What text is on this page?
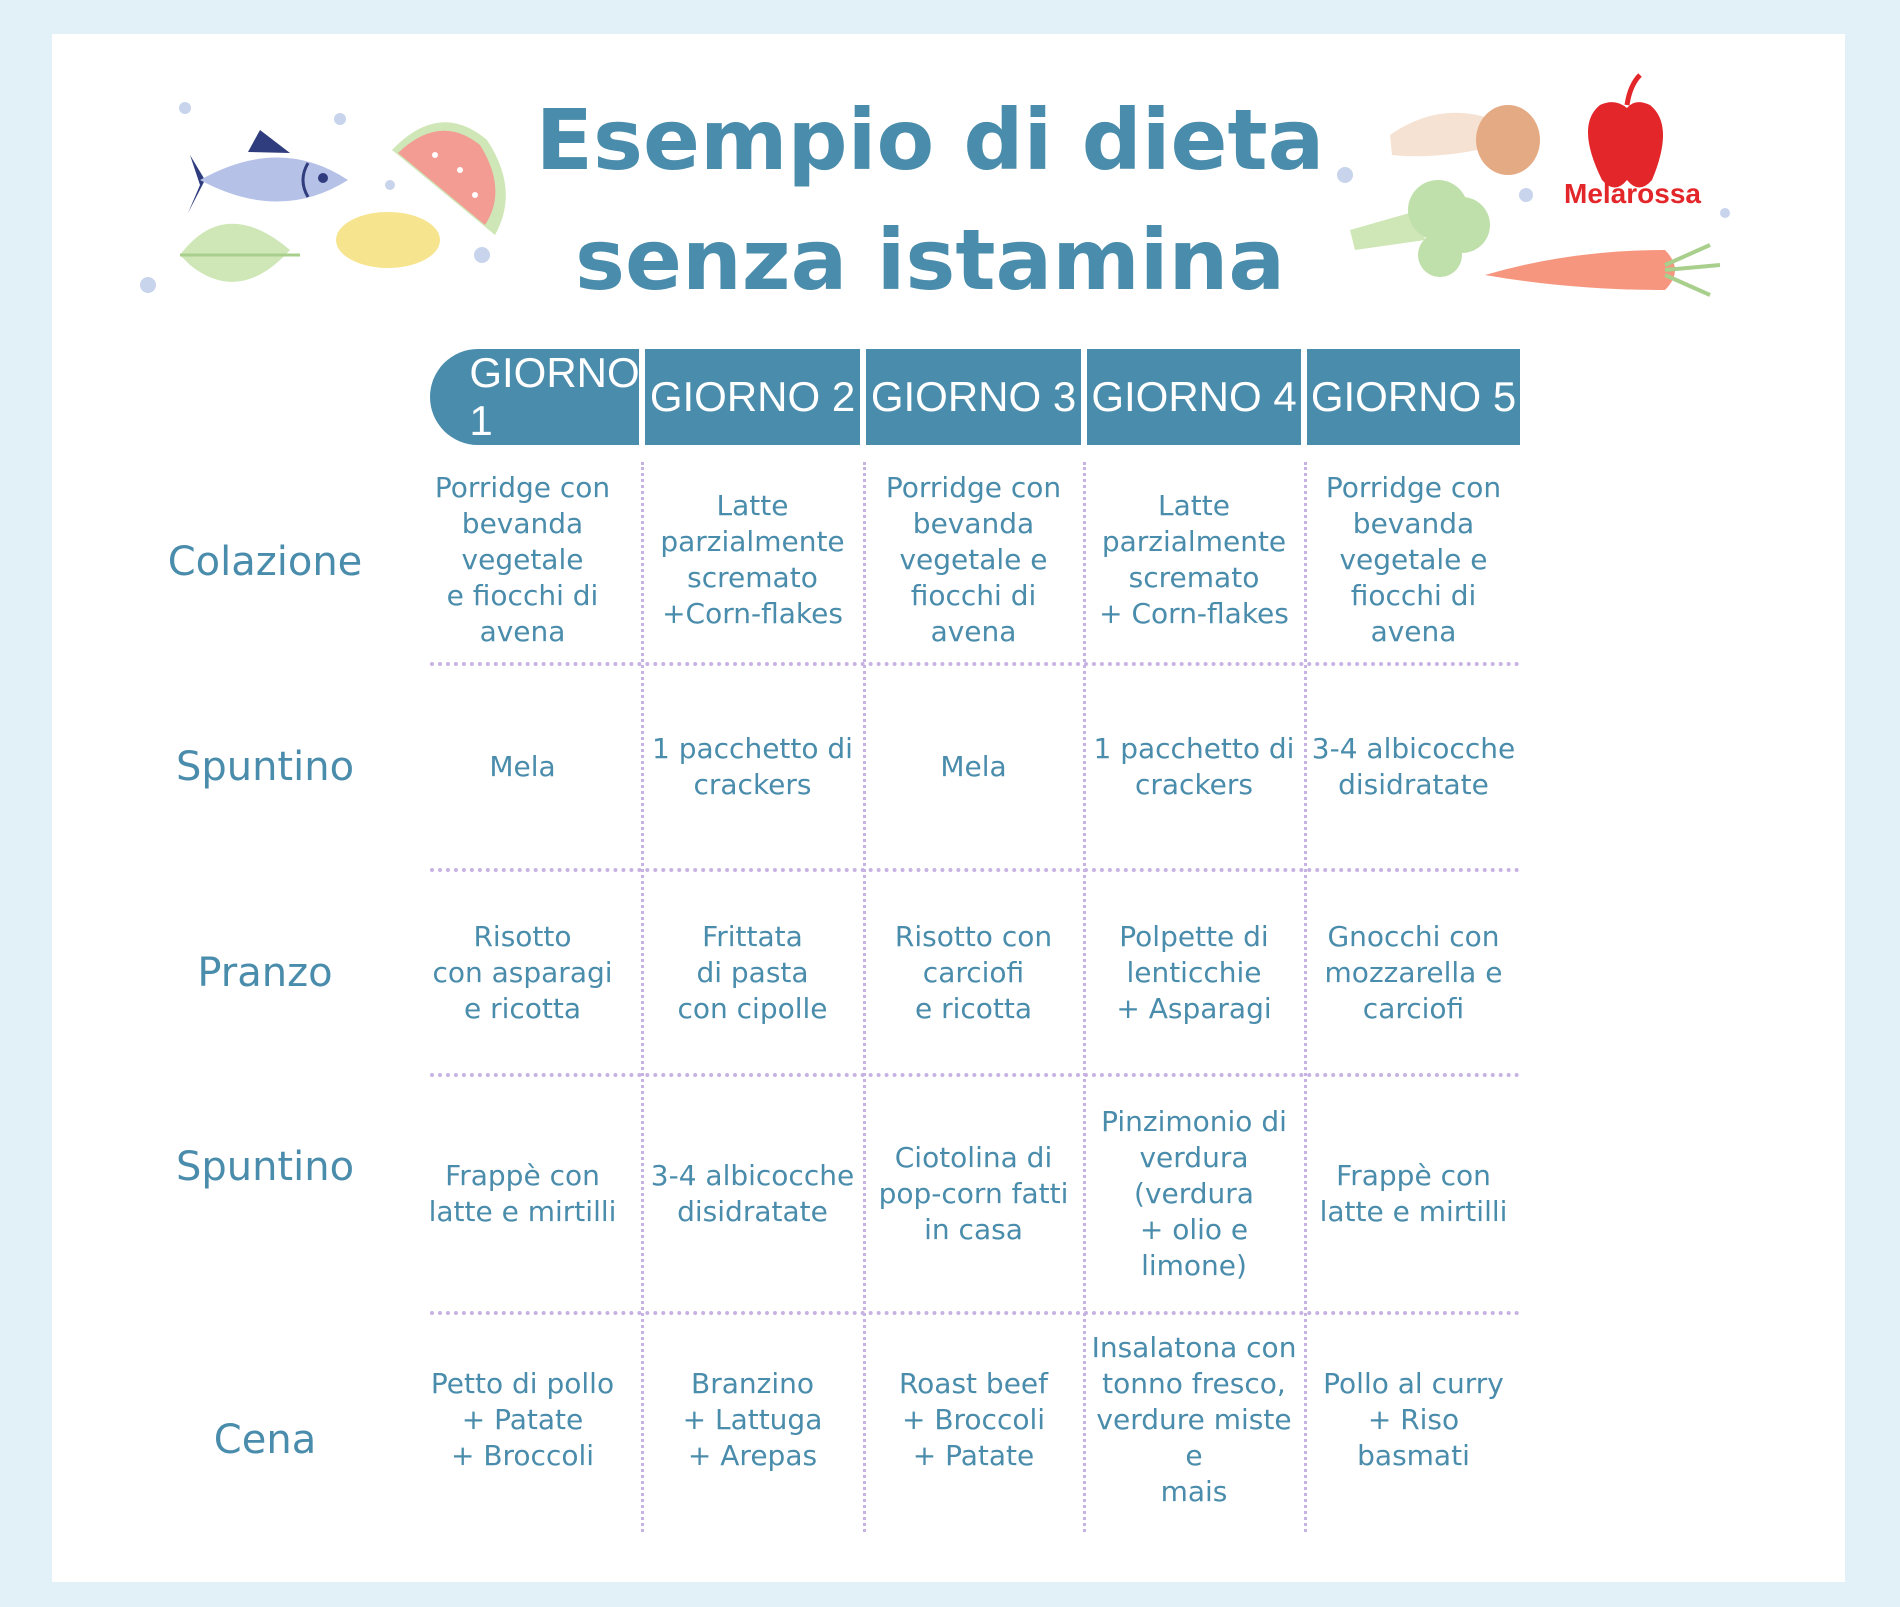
Melarossa
Esempio di dieta
senza istamina
GIORNO 1
GIORNO 2 GIORNO 3 GIORNO 4 GIORNO 5
Colazione
Spuntino
Pranzo
Spuntino
Cena
Porridge con
bevanda vegetale
e fiocchi di avena
Latte
parzialmente
scremato
+Corn-flakes
Porridge con
bevanda
vegetale e
fiocchi di avena
Latte
parzialmente
scremato
+ Corn-flakes
Porridge con
bevanda
vegetale e
fiocchi di avena
Mela
1 pacchetto di
crackers
Mela
1 pacchetto di
crackers
3-4 albicocche
disidratate
Risotto
con asparagi
e ricotta
Frittata
di pasta
con cipolle
Risotto con
carciofi
e ricotta
Polpette di
lenticchie
+ Asparagi
Gnocchi con
mozzarella e
carciofi
Frappè con
latte e mirtilli
3-4 albicocche
disidratate
Ciotolina di
pop-corn fatti
in casa
Pinzimonio di
verdura (verdura
+ olio e limone)
Frappè con
latte e mirtilli
Petto di pollo
+ Patate
+ Broccoli
Branzino
+ Lattuga
+ Arepas
Roast beef
+ Broccoli
+ Patate
Insalatona con
tonno fresco,
verdure miste e
mais
Pollo al curry
+ Riso basmati
